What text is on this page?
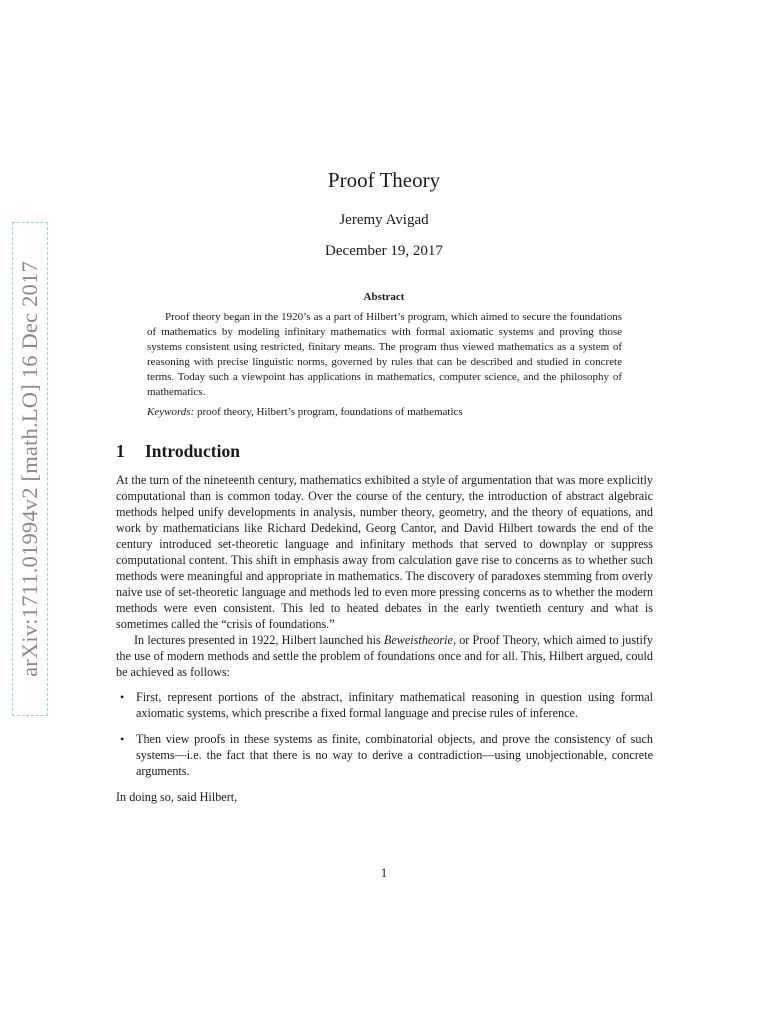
arXiv:1711.01994v2 [math.LO] 16 Dec 2017
Proof Theory
Jeremy Avigad
December 19, 2017
Abstract

Proof theory began in the 1920’s as a part of Hilbert’s program, which aimed to secure the foundations of mathematics by modeling infinitary mathematics with formal axiomatic systems and proving those systems consistent using restricted, finitary means. The program thus viewed mathematics as a system of reasoning with precise linguistic norms, governed by rules that can be described and studied in concrete terms. Today such a viewpoint has applications in mathematics, computer science, and the philosophy of mathematics.

Keywords: proof theory, Hilbert’s program, foundations of mathematics

1 Introduction

At the turn of the nineteenth century, mathematics exhibited a style of argumentation that was more explicitly computational than is common today. Over the course of the century, the introduction of abstract algebraic methods helped unify developments in analysis, number theory, geometry, and the theory of equations, and work by mathematicians like Richard Dedekind, Georg Cantor, and David Hilbert towards the end of the century introduced set-theoretic language and infinitary methods that served to downplay or suppress computational content. This shift in emphasis away from calculation gave rise to concerns as to whether such methods were meaningful and appropriate in mathematics. The discovery of paradoxes stemming from overly naive use of set-theoretic language and methods led to even more pressing concerns as to whether the modern methods were even consistent. This led to heated debates in the early twentieth century and what is sometimes called the “crisis of foundations.”

In lectures presented in 1922, Hilbert launched his Beweistheorie, or Proof Theory, which aimed to justify the use of modern methods and settle the problem of foundations once and for all. This, Hilbert argued, could be achieved as follows:

• First, represent portions of the abstract, infinitary mathematical reasoning in question using formal axiomatic systems, which prescribe a fixed formal language and precise rules of inference.
• Then view proofs in these systems as finite, combinatorial objects, and prove the consistency of such systems—i.e. the fact that there is no way to derive a contradiction—using unobjectionable, concrete arguments.

In doing so, said Hilbert,

1
